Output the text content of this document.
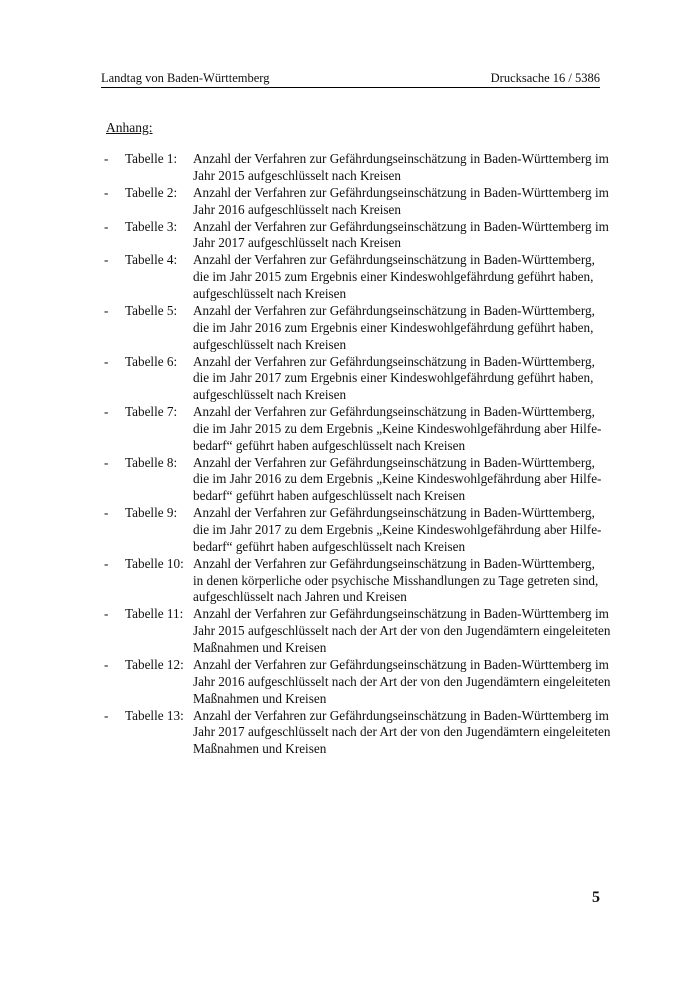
Landtag von Baden-Württemberg	Drucksache 16 / 5386
Anhang:
- Tabelle 1: Anzahl der Verfahren zur Gefährdungseinschätzung in Baden-Württemberg im
Jahr 2015 aufgeschlüsselt nach Kreisen
- Tabelle 2: Anzahl der Verfahren zur Gefährdungseinschätzung in Baden-Württemberg im
Jahr 2016 aufgeschlüsselt nach Kreisen
- Tabelle 3: Anzahl der Verfahren zur Gefährdungseinschätzung in Baden-Württemberg im
Jahr 2017 aufgeschlüsselt nach Kreisen
- Tabelle 4: Anzahl der Verfahren zur Gefährdungseinschätzung in Baden-Württemberg,
die im Jahr 2015 zum Ergebnis einer Kindeswohlgefährdung geführt haben,
aufgeschlüsselt nach Kreisen
- Tabelle 5: Anzahl der Verfahren zur Gefährdungseinschätzung in Baden-Württemberg,
die im Jahr 2016 zum Ergebnis einer Kindeswohlgefährdung geführt haben,
aufgeschlüsselt nach Kreisen
- Tabelle 6: Anzahl der Verfahren zur Gefährdungseinschätzung in Baden-Württemberg,
die im Jahr 2017 zum Ergebnis einer Kindeswohlgefährdung geführt haben,
aufgeschlüsselt nach Kreisen
- Tabelle 7: Anzahl der Verfahren zur Gefährdungseinschätzung in Baden-Württemberg,
die im Jahr 2015 zu dem Ergebnis „Keine Kindeswohlgefährdung aber Hilfe-
bedarf“ geführt haben aufgeschlüsselt nach Kreisen
- Tabelle 8: Anzahl der Verfahren zur Gefährdungseinschätzung in Baden-Württemberg,
die im Jahr 2016 zu dem Ergebnis „Keine Kindeswohlgefährdung aber Hilfe-
bedarf“ geführt haben aufgeschlüsselt nach Kreisen
- Tabelle 9: Anzahl der Verfahren zur Gefährdungseinschätzung in Baden-Württemberg,
die im Jahr 2017 zu dem Ergebnis „Keine Kindeswohlgefährdung aber Hilfe-
bedarf“ geführt haben aufgeschlüsselt nach Kreisen
- Tabelle 10: Anzahl der Verfahren zur Gefährdungseinschätzung in Baden-Württemberg,
in denen körperliche oder psychische Misshandlungen zu Tage getreten sind,
aufgeschlüsselt nach Jahren und Kreisen
- Tabelle 11: Anzahl der Verfahren zur Gefährdungseinschätzung in Baden-Württemberg im
Jahr 2015 aufgeschlüsselt nach der Art der von den Jugendämtern eingeleiteten
Maßnahmen und Kreisen
- Tabelle 12: Anzahl der Verfahren zur Gefährdungseinschätzung in Baden-Württemberg im
Jahr 2016 aufgeschlüsselt nach der Art der von den Jugendämtern eingeleiteten
Maßnahmen und Kreisen
- Tabelle 13: Anzahl der Verfahren zur Gefährdungseinschätzung in Baden-Württemberg im
Jahr 2017 aufgeschlüsselt nach der Art der von den Jugendämtern eingeleiteten
Maßnahmen und Kreisen
5
